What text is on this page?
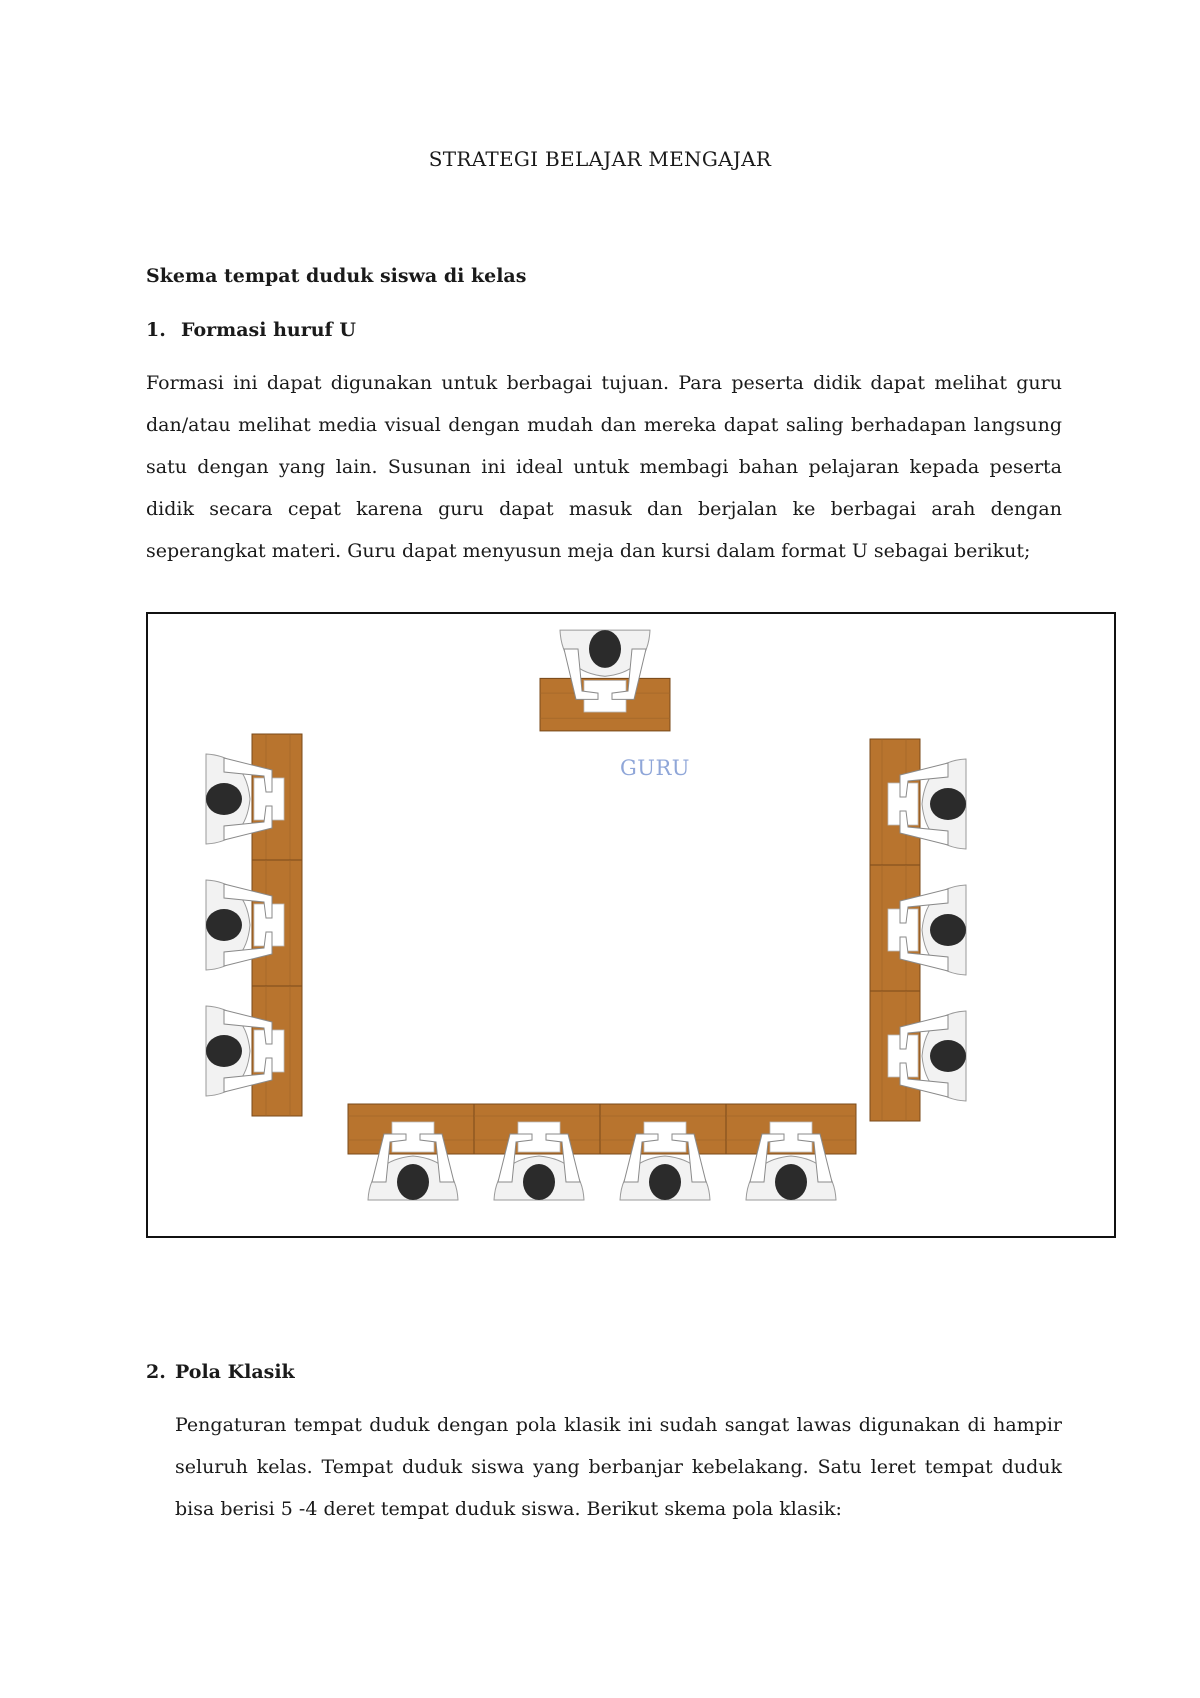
STRATEGI BELAJAR MENGAJAR
Skema tempat duduk siswa di kelas
1. Formasi huruf U

Formasi ini dapat digunakan untuk berbagai tujuan. Para peserta didik dapat melihat guru dan/atau melihat media visual dengan mudah dan mereka dapat saling berhadapan langsung satu dengan yang lain. Susunan ini ideal untuk membagi bahan pelajaran kepada peserta didik secara cepat karena guru dapat masuk dan berjalan ke berbagai arah dengan seperangkat materi. Guru dapat menyusun meja dan kursi dalam format U sebagai berikut;

GURU
2. Pola Klasik

Pengaturan tempat duduk dengan pola klasik ini sudah sangat lawas digunakan di hampir seluruh kelas. Tempat duduk siswa yang berbanjar kebelakang. Satu leret tempat duduk bisa berisi 5 -4 deret tempat duduk siswa. Berikut skema pola klasik:
